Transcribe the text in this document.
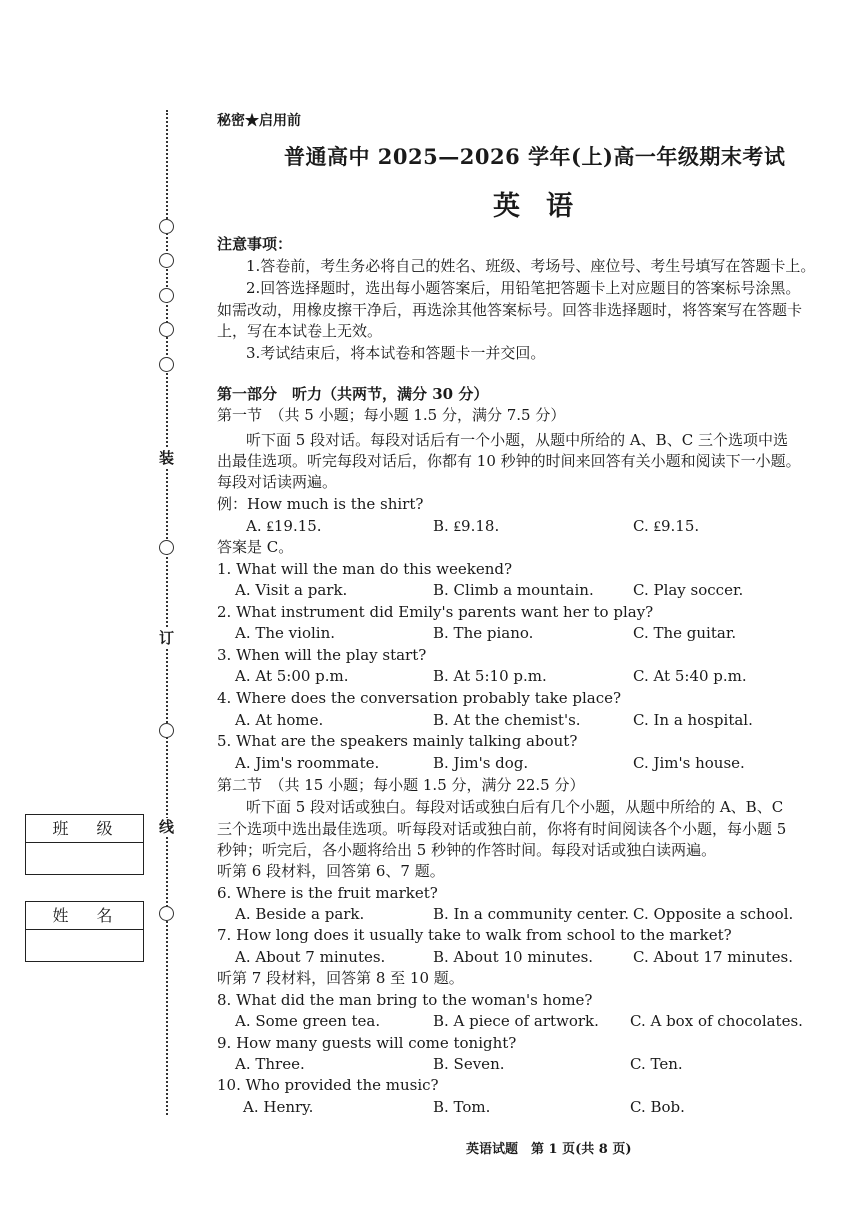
装
订
线
班级
姓名
秘密★启用前
普通高中 2025—2026 学年(上)高一年级期末考试
英语
注意事项：
1.答卷前，考生务必将自己的姓名、班级、考场号、座位号、考生号填写在答题卡上。
2.回答选择题时，选出每小题答案后，用铅笔把答题卡上对应题目的答案标号涂黑。
如需改动，用橡皮擦干净后，再选涂其他答案标号。回答非选择题时，将答案写在答题卡
上，写在本试卷上无效。
3.考试结束后，将本试卷和答题卡一并交回。
第一部分　听力（共两节，满分 30 分）
第一节　（共 5 小题；每小题 1.5 分，满分 7.5 分）
听下面 5 段对话。每段对话后有一个小题，从题中所给的 A、B、C 三个选项中选
出最佳选项。听完每段对话后，你都有 10 秒钟的时间来回答有关小题和阅读下一小题。
每段对话读两遍。
例：How much is the shirt?
A. ₤19.15.	B. ₤9.18.	C. ₤9.15.
答案是 C。
1. What will the man do this weekend?
A. Visit a park.	B. Climb a mountain.	C. Play soccer.
2. What instrument did Emily's parents want her to play?
A. The violin.	B. The piano.	C. The guitar.
3. When will the play start?
A. At 5:00 p.m.	B. At 5:10 p.m.	C. At 5:40 p.m.
4. Where does the conversation probably take place?
A. At home.	B. At the chemist's.	C. In a hospital.
5. What are the speakers mainly talking about?
A. Jim's roommate.	B. Jim's dog.	C. Jim's house.
第二节　（共 15 小题；每小题 1.5 分，满分 22.5 分）
听下面 5 段对话或独白。每段对话或独白后有几个小题，从题中所给的 A、B、C
三个选项中选出最佳选项。听每段对话或独白前，你将有时间阅读各个小题，每小题 5
秒钟；听完后，各小题将给出 5 秒钟的作答时间。每段对话或独白读两遍。
听第 6 段材料，回答第 6、7 题。
6. Where is the fruit market?
A. Beside a park.	B. In a community center. C. Opposite a school.
7. How long does it usually take to walk from school to the market?
A. About 7 minutes.	B. About 10 minutes.	C. About 17 minutes.
听第 7 段材料，回答第 8 至 10 题。
8. What did the man bring to the woman's home?
A. Some green tea.	B. A piece of artwork. C. A box of chocolates.
9. How many guests will come tonight?
A. Three.	B. Seven.	C. Ten.
10. Who provided the music?
A. Henry.	B. Tom.	C. Bob.
英语试题　第 1 页(共 8 页)
